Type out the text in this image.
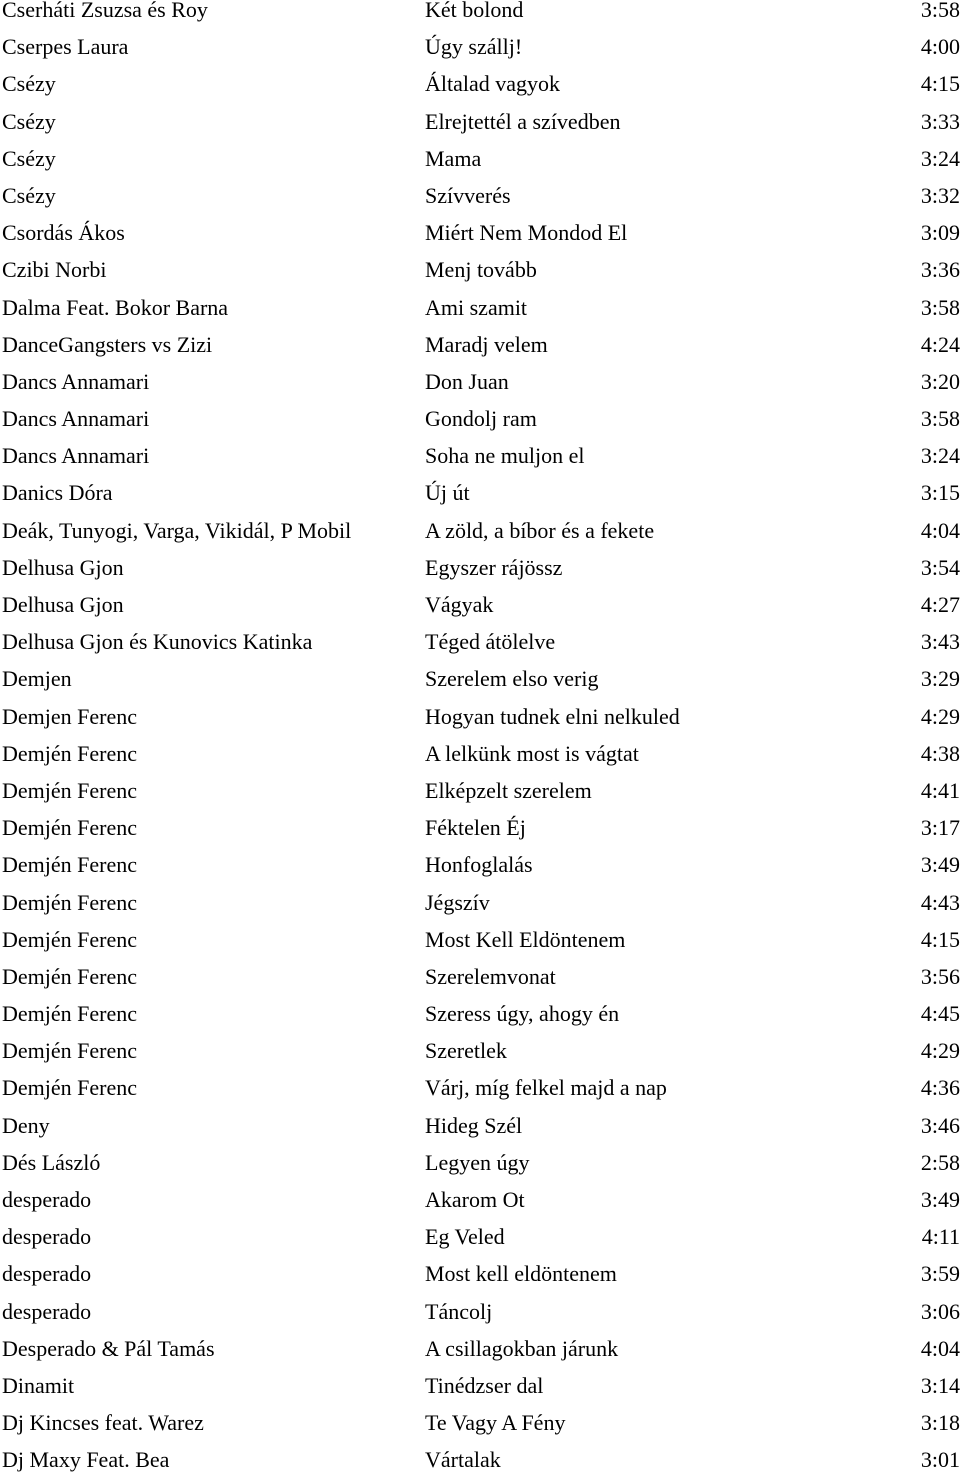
Cserháti Zsuzsa és Roy	Két bolond	3:58
Cserpes Laura	Úgy szállj!	4:00
Csézy	Általad vagyok	4:15
Csézy	Elrejtettél a szívedben	3:33
Csézy	Mama	3:24
Csézy	Szívverés	3:32
Csordás Ákos	Miért Nem Mondod El	3:09
Czibi Norbi	Menj tovább	3:36
Dalma Feat. Bokor Barna	Ami szamit	3:58
DanceGangsters vs Zizi	Maradj velem	4:24
Dancs Annamari	Don Juan	3:20
Dancs Annamari	Gondolj ram	3:58
Dancs Annamari	Soha ne muljon el	3:24
Danics Dóra	Új út	3:15
Deák, Tunyogi, Varga, Vikidál, P Mobil	A zöld, a bíbor és a fekete	4:04
Delhusa Gjon	Egyszer rájössz	3:54
Delhusa Gjon	Vágyak	4:27
Delhusa Gjon és Kunovics Katinka	Téged átölelve	3:43
Demjen	Szerelem elso verig	3:29
Demjen Ferenc	Hogyan tudnek elni nelkuled	4:29
Demjén Ferenc	A lelkünk most is vágtat	4:38
Demjén Ferenc	Elképzelt szerelem	4:41
Demjén Ferenc	Féktelen Éj	3:17
Demjén Ferenc	Honfoglalás	3:49
Demjén Ferenc	Jégszív	4:43
Demjén Ferenc	Most Kell Eldöntenem	4:15
Demjén Ferenc	Szerelemvonat	3:56
Demjén Ferenc	Szeress úgy, ahogy én	4:45
Demjén Ferenc	Szeretlek	4:29
Demjén Ferenc	Várj, míg felkel majd a nap	4:36
Deny	Hideg Szél	3:46
Dés László	Legyen úgy	2:58
desperado	Akarom Ot	3:49
desperado	Eg Veled	4:11
desperado	Most kell eldöntenem	3:59
desperado	Táncolj	3:06
Desperado & Pál Tamás	A csillagokban járunk	4:04
Dinamit	Tinédzser dal	3:14
Dj Kincses feat. Warez	Te Vagy A Fény	3:18
Dj Maxy Feat. Bea	Vártalak	3:01
